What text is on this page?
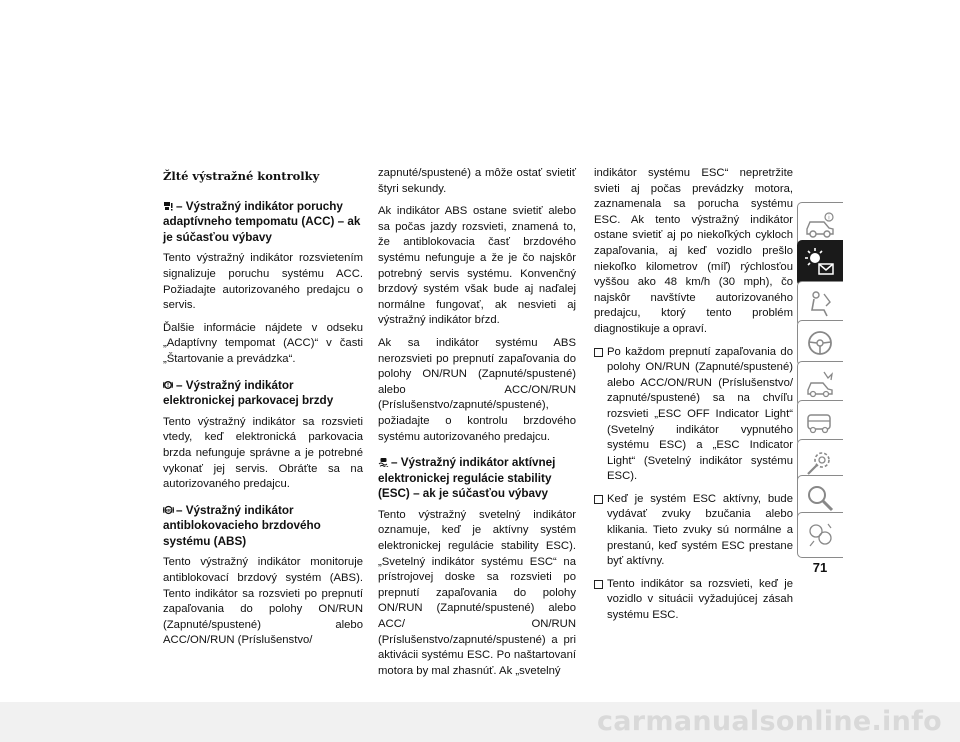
Žlté výstražné kontrolky
– Výstražný indikátor poruchy adaptívneho tempomatu (ACC) – ak je súčasťou výbavy

Tento výstražný indikátor rozsvietením signalizuje poruchu systému ACC. Požiadajte autorizovaného predajcu o servis.

Ďalšie informácie nájdete v odseku „Adaptívny tempomat (ACC)“ v časti „Štartovanie a prevádzka“.

! – Výstražný indikátor elektronickej parkovacej brzdy

Tento výstražný indikátor sa rozsvieti vtedy, keď elektronická parkovacia brzda nefunguje správne a je potrebné vykonať jej servis. Obráťte sa na autorizovaného predajcu.

ABS – Výstražný indikátor antiblokovacieho brzdového systému (ABS)

Tento výstražný indikátor monitoruje antiblokovací brzdový systém (ABS). Tento indikátor sa rozsvieti po prepnutí zapaľovania do polohy ON/RUN (Zapnuté/spustené) alebo ACC/ON/RUN (Príslušenstvo/

zapnuté/spustené) a môže ostať svietiť štyri sekundy.

Ak indikátor ABS ostane svietiť alebo sa počas jazdy rozsvieti, znamená to, že antiblokovacia časť brzdového systému nefunguje a že je čo najskôr potrebný servis systému. Konvenčný brzdový systém však bude aj naďalej normálne fungovať, ak nesvieti aj výstražný indikátor bŕzd.

Ak sa indikátor systému ABS nerozsvieti po prepnutí zapaľovania do polohy ON/RUN (Zapnuté/spustené) alebo ACC/ON/RUN (Príslušenstvo/zapnuté/spustené), požiadajte o kontrolu brzdového systému autorizovaného predajcu.

– Výstražný indikátor aktívnej elektronickej regulácie stability (ESC) – ak je súčasťou výbavy

Tento výstražný svetelný indikátor oznamuje, keď je aktívny systém elektronickej regulácie stability ESC). „Svetelný indikátor systému ESC“ na prístrojovej doske sa rozsvieti po prepnutí zapaľovania do polohy ON/RUN (Zapnuté/spustené) alebo ACC/ ON/RUN (Príslušenstvo/zapnuté/spustené) a pri aktivácii systému ESC. Po naštartovaní motora by mal zhasnúť. Ak „svetelný

indikátor systému ESC“ nepretržite svieti aj počas prevádzky motora, zaznamenala sa porucha systému ESC. Ak tento výstražný indikátor ostane svietiť aj po niekoľkých cykloch zapaľovania, aj keď vozidlo prešlo niekoľko kilometrov (míľ) rýchlosťou vyššou ako 48 km/h (30 mph), čo najskôr navštívte autorizovaného predajcu, ktorý tento problém diagnostikuje a opraví.

Po každom prepnutí zapaľovania do polohy ON/RUN (Zapnuté/spustené) alebo ACC/ON/RUN (Príslušenstvo/ zapnuté/spustené) sa na chvíľu rozsvieti „ESC OFF Indicator Light“ (Svetelný indikátor vypnutého systému ESC) a „ESC Indicator Light“ (Svetelný indikátor systému ESC).
Keď je systém ESC aktívny, bude vydávať zvuky bzučania alebo klikania. Tieto zvuky sú normálne a prestanú, keď systém ESC prestane byť aktívny.
Tento indikátor sa rozsvieti, keď je vozidlo v situácii vyžadujúcej zásah systému ESC.
i
71
carmanualsonline.info
